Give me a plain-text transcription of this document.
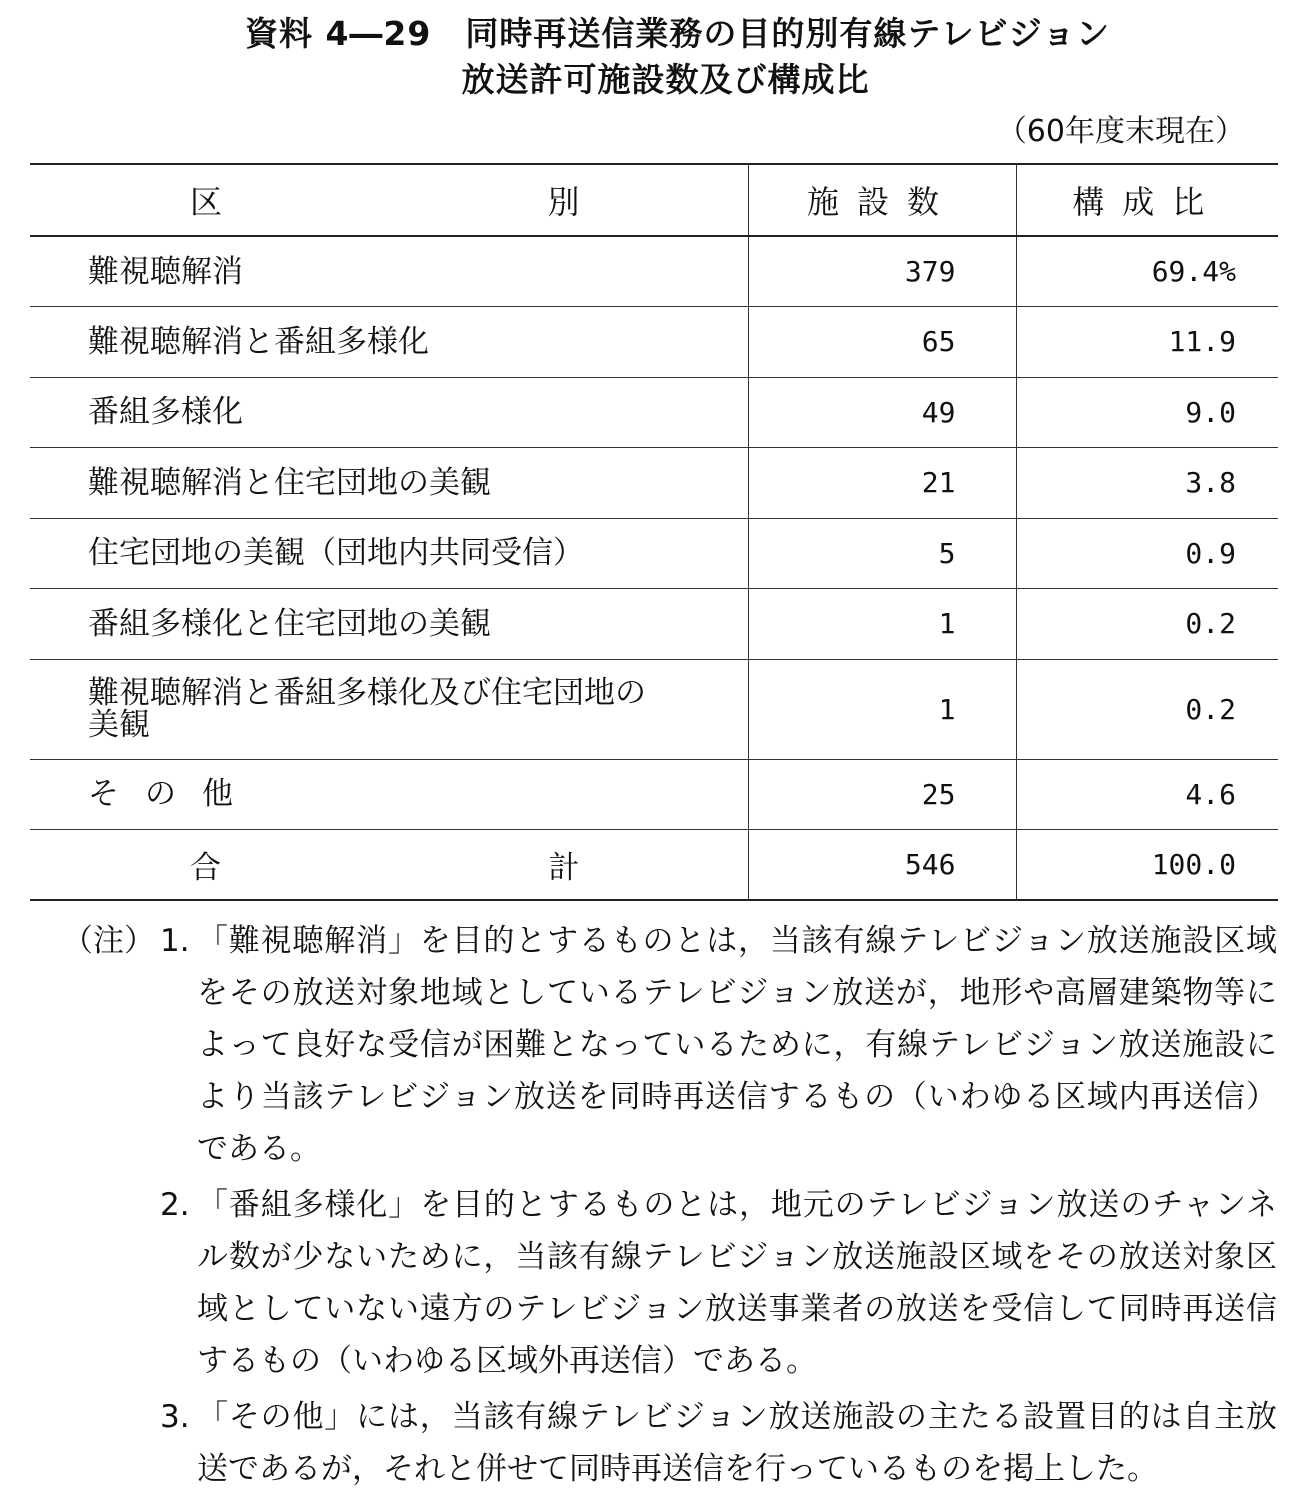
資料 4―29　同時再送信業務の目的別有線テレビジョン
放送許可施設数及び構成比
（60年度末現在）
区 別	施設数	構成比
難視聴解消	379	69.4%
難視聴解消と番組多様化	65	11.9
番組多様化	49	9.0
難視聴解消と住宅団地の美観	21	3.8
住宅団地の美観（団地内共同受信）	5	0.9
番組多様化と住宅団地の美観	1	0.2

難視聴解消と番組多様化及び住宅団地の
美観	1	0.2
その他	25	4.6

合 計	546	100.0
（注） 1. 「難視聴解消」を目的とするものとは，当該有線テレビジョン放送施設区域をその放送対象地域としているテレビジョン放送が，地形や高層建築物等によって良好な受信が困難となっているために，有線テレビジョン放送施設により当該テレビジョン放送を同時再送信するもの（いわゆる区域内再送信）である。
2. 「番組多様化」を目的とするものとは，地元のテレビジョン放送のチャンネル数が少ないために，当該有線テレビジョン放送施設区域をその放送対象区域としていない遠方のテレビジョン放送事業者の放送を受信して同時再送信するもの（いわゆる区域外再送信）である。
3. 「その他」には，当該有線テレビジョン放送施設の主たる設置目的は自主放送であるが，それと併せて同時再送信を行っているものを掲上した。
